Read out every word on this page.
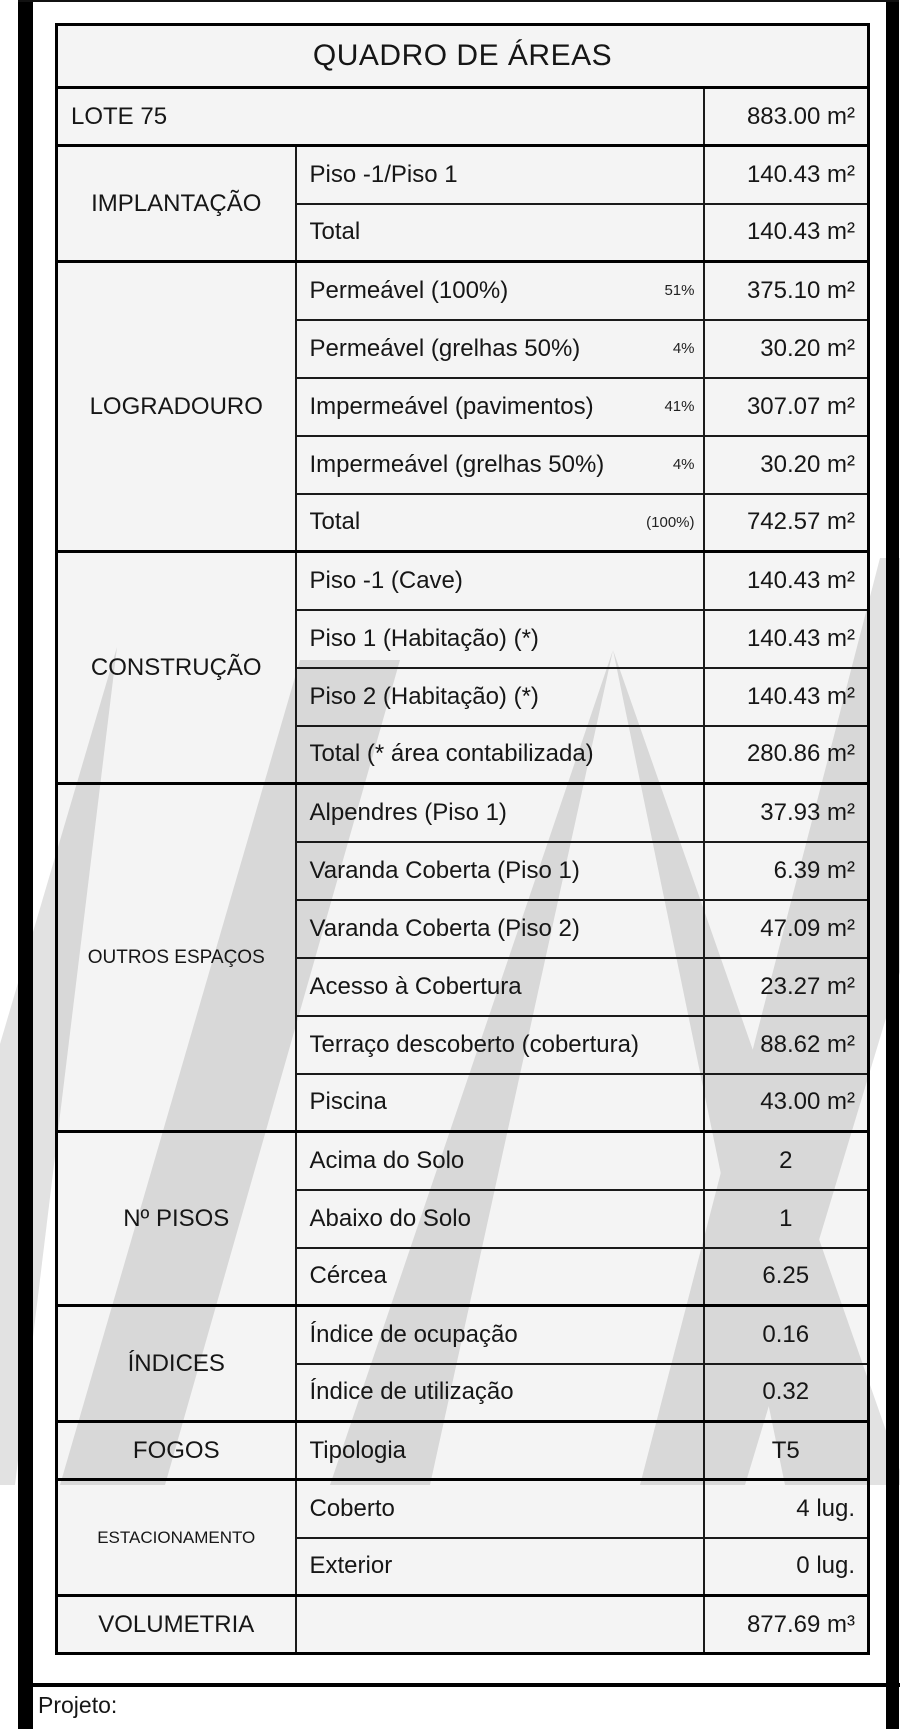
QUADRO DE ÁREAS		
LOTE 75		883.00 m²
IMPLANTAÇÃO	Piso -1/Piso 1	140.43 m²

	Total	140.43 m²
LOGRADOURO	Permeável (100%) 51%	375.10 m²

	Permeável (grelhas 50%) 4%	30.20 m²

	Impermeável (pavimentos) 41%	307.07 m²

	Impermeável (grelhas 50%) 4%	30.20 m²

	Total (100%)	742.57 m²
CONSTRUÇÃO	Piso -1 (Cave)	140.43 m²

	Piso 1 (Habitação) (*)	140.43 m²

	Piso 2 (Habitação) (*)	140.43 m²

	Total (* área contabilizada)	280.86 m²
OUTROS ESPAÇOS	Alpendres (Piso 1)	37.93 m²

	Varanda Coberta (Piso 1)	6.39 m²

	Varanda Coberta (Piso 2)	47.09 m²

	Acesso à Cobertura	23.27 m²

	Terraço descoberto (cobertura)	88.62 m²

	Piscina	43.00 m²
Nº PISOS	Acima do Solo	2

	Abaixo do Solo	1

	Cércea	6.25
ÍNDICES	Índice de ocupação	0.16

	Índice de utilização	0.32
FOGOS	Tipologia	T5
ESTACIONAMENTO	Coberto	4 lug.

	Exterior	0 lug.
VOLUMETRIA		877.69 m³
Projeto:
